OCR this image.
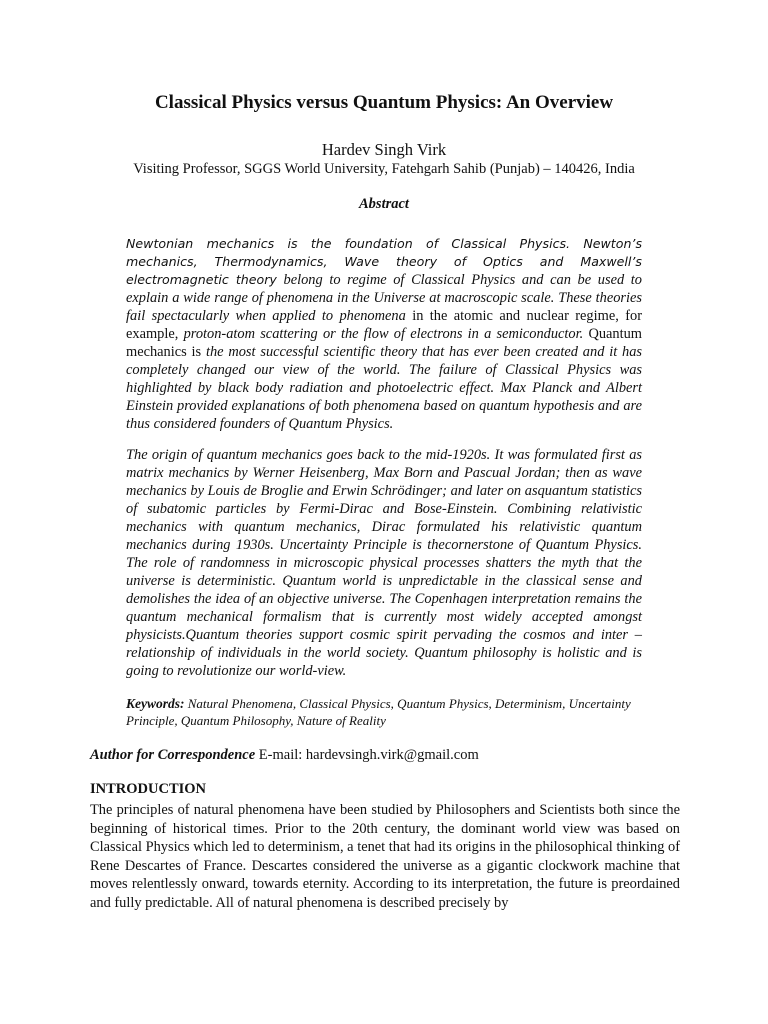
Classical Physics versus Quantum Physics: An Overview
Hardev Singh Virk
Visiting Professor, SGGS World University, Fatehgarh Sahib (Punjab) – 140426, India
Abstract

Newtonian mechanics is the foundation of Classical Physics. Newton’s mechanics, Thermodynamics, Wave theory of Optics and Maxwell’s electromagnetic theory belong to regime of Classical Physics and can be used to explain a wide range of phenomena in the Universe at macroscopic scale. These theories fail spectacularly when applied to phenomena in the atomic and nuclear regime, for example, proton-atom scattering or the flow of electrons in a semiconductor. Quantum mechanics is the most successful scientific theory that has ever been created and it has completely changed our view of the world. The failure of Classical Physics was highlighted by black body radiation and photoelectric effect. Max Planck and Albert Einstein provided explanations of both phenomena based on quantum hypothesis and are thus considered founders of Quantum Physics.

The origin of quantum mechanics goes back to the mid-1920s. It was formulated first as matrix mechanics by Werner Heisenberg, Max Born and Pascual Jordan; then as wave mechanics by Louis de Broglie and Erwin Schrödinger; and later on asquantum statistics of subatomic particles by Fermi-Dirac and Bose-Einstein. Combining relativistic mechanics with quantum mechanics, Dirac formulated his relativistic quantum mechanics during 1930s. Uncertainty Principle is thecornerstone of Quantum Physics. The role of randomness in microscopic physical processes shatters the myth that the universe is deterministic. Quantum world is unpredictable in the classical sense and demolishes the idea of an objective universe. The Copenhagen interpretation remains the quantum mechanical formalism that is currently most widely accepted amongst physicists.Quantum theories support cosmic spirit pervading the cosmos and inter – relationship of individuals in the world society. Quantum philosophy is holistic and is going to revolutionize our world-view.

Keywords: Natural Phenomena, Classical Physics, Quantum Physics, Determinism, Uncertainty Principle, Quantum Philosophy, Nature of Reality

Author for Correspondence E-mail: hardevsingh.virk@gmail.com

INTRODUCTION

The principles of natural phenomena have been studied by Philosophers and Scientists both since the beginning of historical times. Prior to the 20th century, the dominant world view was based on Classical Physics which led to determinism, a tenet that had its origins in the philosophical thinking of Rene Descartes of France. Descartes considered the universe as a gigantic clockwork machine that moves relentlessly onward, towards eternity. According to its interpretation, the future is preordained and fully predictable. All of natural phenomena is described precisely by
